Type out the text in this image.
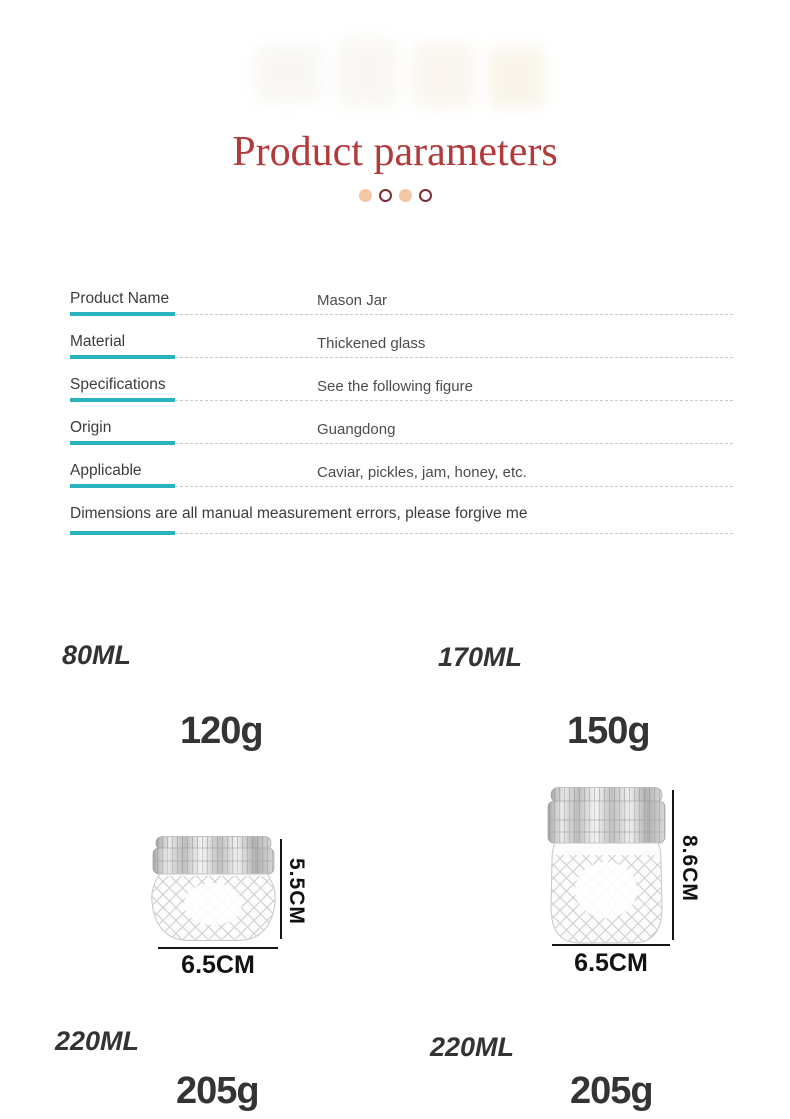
Product parameters
Product Name	Mason Jar
Material	Thickened glass
Specifications	See the following figure
Origin	Guangdong
Applicable	Caviar, pickles, jam, honey, etc.
Dimensions are all manual measurement errors, please forgive me
80ML
120g
5.5CM
6.5CM
170ML
150g
8.6CM
6.5CM
220ML
205g
220ML
205g
